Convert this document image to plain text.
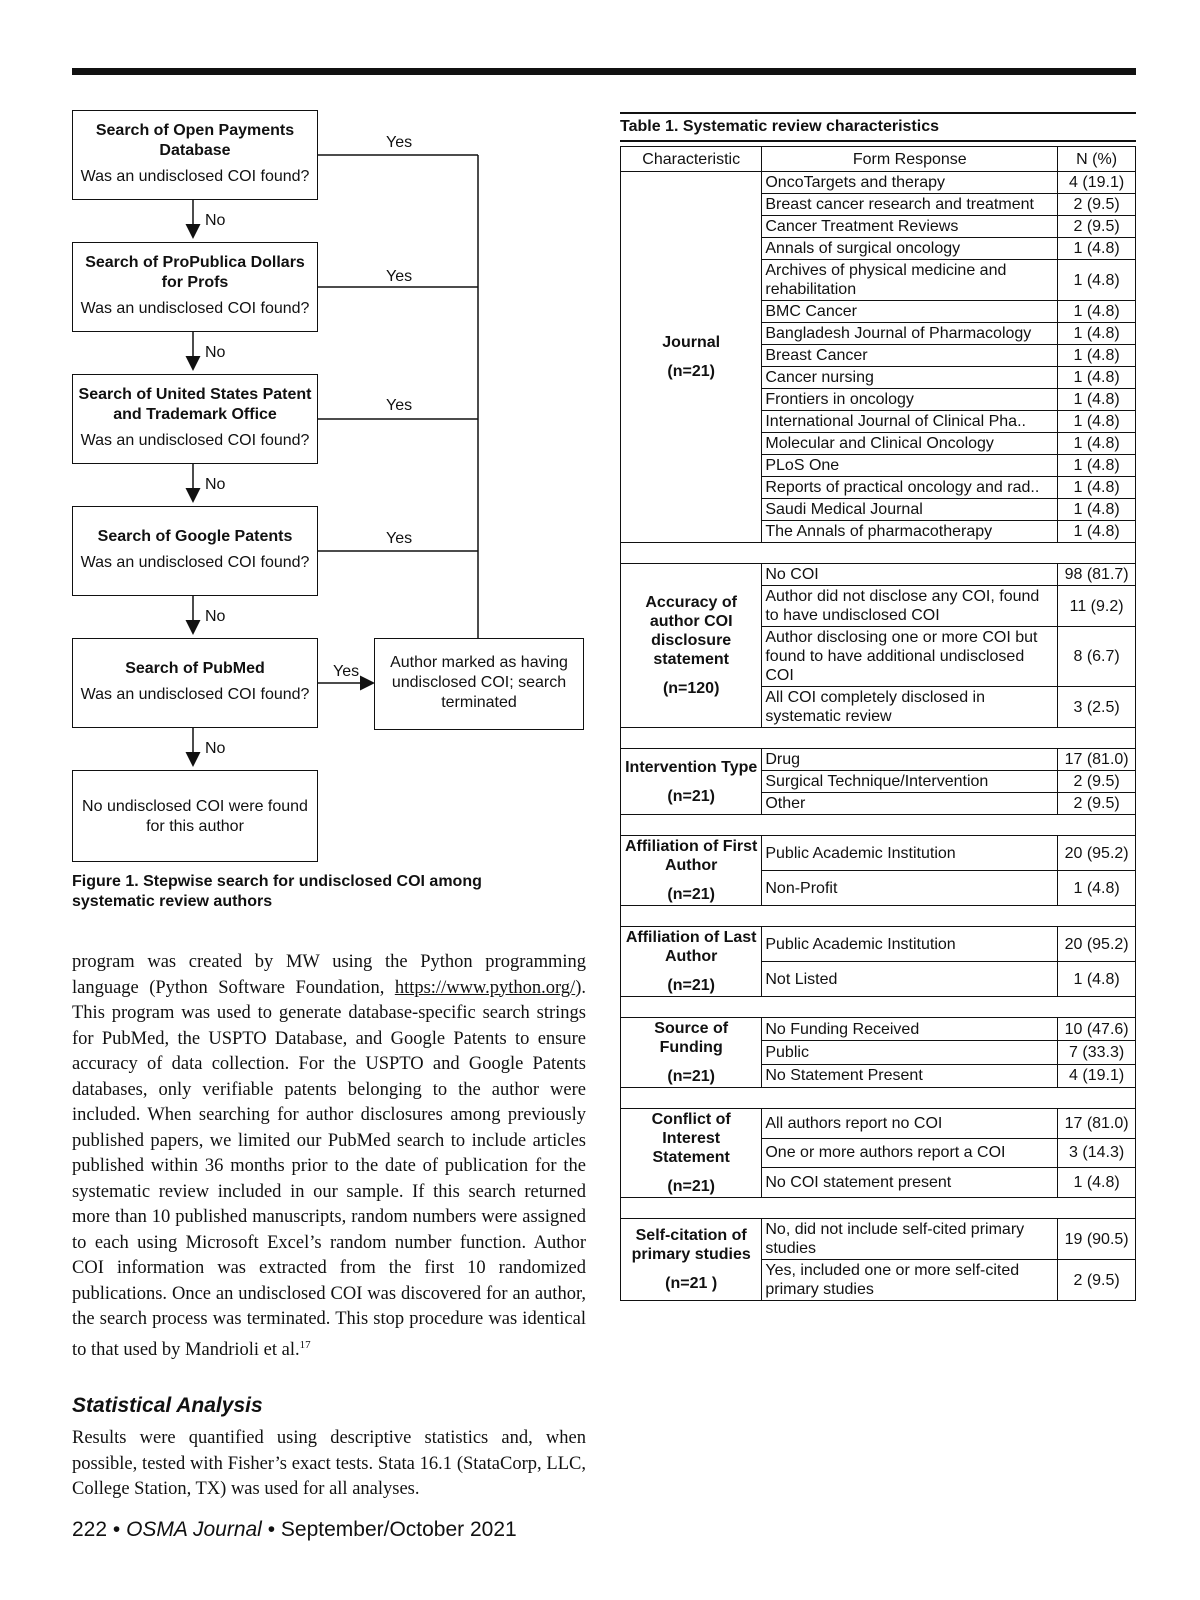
Search of Open Payments Database
Was an undisclosed COI found?
Search of ProPublica Dollars for Profs
Was an undisclosed COI found?
Search of United States Patent and Trademark Office
Was an undisclosed COI found?
Search of Google Patents
Was an undisclosed COI found?
Search of PubMed
Was an undisclosed COI found?
Author marked as having undisclosed COI; search terminated
No undisclosed COI were found for this author
Yes
Yes
Yes
Yes
Yes
No
No
No
No
No
Figure 1. Stepwise search for undisclosed COI among systematic review authors
program was created by MW using the Python programming language (Python Software Foundation, https://www.python.org/). This program was used to generate database-specific search strings for PubMed, the USPTO Database, and Google Patents to ensure accuracy of data collection. For the USPTO and Google Patents databases, only verifiable patents belonging to the author were included. When searching for author disclosures among previously published papers, we limited our PubMed search to include articles published within 36 months prior to the date of publication for the systematic review included in our sample. If this search returned more than 10 published manuscripts, random numbers were assigned to each using Microsoft Excel’s random number function. Author COI information was extracted from the first 10 randomized publications. Once an undisclosed COI was discovered for an author, the search process was terminated. This stop procedure was identical to that used by Mandrioli et al.$^{17}$
Statistical Analysis
Results were quantified using descriptive statistics and, when possible, tested with Fisher’s exact tests. Stata 16.1 (StataCorp, LLC, College Station, TX) was used for all analyses.
222 • OSMA Journal • September/October 2021
Table 1. Systematic review characteristics
Characteristic	Form Response	N (%)

Journal
(n=21)	OncoTargets and therapy	4 (19.1)
	Breast cancer research and treatment	2 (9.5)
	Cancer Treatment Reviews	2 (9.5)
	Annals of surgical oncology	1 (4.8)
	Archives of physical medicine and rehabilitation	1 (4.8)
	BMC Cancer	1 (4.8)
	Bangladesh Journal of Pharmacology	1 (4.8)
	Breast Cancer	1 (4.8)
	Cancer nursing	1 (4.8)
	Frontiers in oncology	1 (4.8)
	International Journal of Clinical Pha..	1 (4.8)
	Molecular and Clinical Oncology	1 (4.8)
	PLoS One	1 (4.8)
	Reports of practical oncology and rad..	1 (4.8)
	Saudi Medical Journal	1 (4.8)
	The Annals of pharmacotherapy	1 (4.8)

Accuracy of author COI disclosure statement
(n=120)	No COI	98 (81.7)
	Author did not disclose any COI, found to have undisclosed COI	11 (9.2)
	Author disclosing one or more COI but found to have additional undisclosed COI	8 (6.7)
	All COI completely disclosed in systematic review	3 (2.5)

Intervention Type
(n=21)	Drug	17 (81.0)
	Surgical Technique/Intervention	2 (9.5)
	Other	2 (9.5)

Affiliation of First Author
(n=21)	Public Academic Institution	20 (95.2)
	Non-Profit	1 (4.8)

Affiliation of Last Author
(n=21)	Public Academic Institution	20 (95.2)
	Not Listed	1 (4.8)

Source of Funding
(n=21)	No Funding Received	10 (47.6)
	Public	7 (33.3)
	No Statement Present	4 (19.1)

Conflict of Interest Statement
(n=21)	All authors report no COI	17 (81.0)
	One or more authors report a COI	3 (14.3)
	No COI statement present	1 (4.8)

Self-citation of primary studies
(n=21 )	No, did not include self-cited primary studies	19 (90.5)
	Yes, included one or more self-cited primary studies	2 (9.5)
